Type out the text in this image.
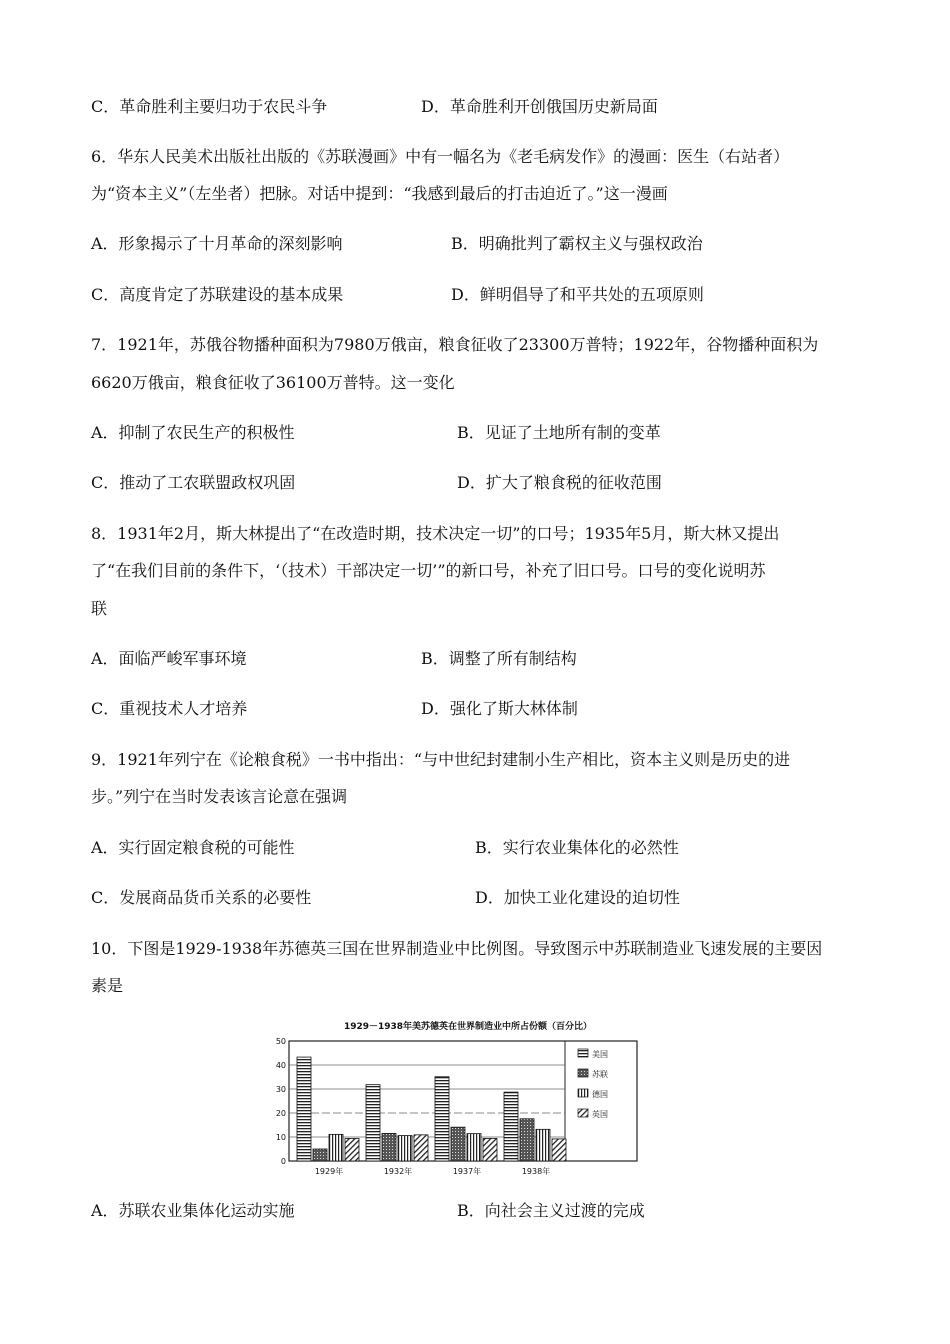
C．革命胜利主要归功于农民斗争	D．革命胜利开创俄国历史新局面
6．华东人民美术出版社出版的《苏联漫画》中有一幅名为《老毛病发作》的漫画：医生（右站者）
为“资本主义”（左坐者）把脉。对话中提到：“我感到最后的打击迫近了。”这一漫画
A．形象揭示了十月革命的深刻影响	B．明确批判了霸权主义与强权政治
C．高度肯定了苏联建设的基本成果	D．鲜明倡导了和平共处的五项原则
7．1921年，苏俄谷物播种面积为7980万俄亩，粮食征收了23300万普特；1922年，谷物播种面积为
6620万俄亩，粮食征收了36100万普特。这一变化
A．抑制了农民生产的积极性	B．见证了土地所有制的变革
C．推动了工农联盟政权巩固	D．扩大了粮食税的征收范围
8．1931年2月，斯大林提出了“在改造时期，技术决定一切”的口号；1935年5月，斯大林又提出
了“在我们目前的条件下，‘（技术）干部决定一切’”的新口号，补充了旧口号。口号的变化说明苏
联
A．面临严峻军事环境	B．调整了所有制结构
C．重视技术人才培养	D．强化了斯大林体制
9．1921年列宁在《论粮食税》一书中指出：“与中世纪封建制小生产相比，资本主义则是历史的进
步。”列宁在当时发表该言论意在强调
A．实行固定粮食税的可能性	B．实行农业集体化的必然性
C．发展商品货币关系的必要性	D．加快工业化建设的迫切性
10．下图是1929-1938年苏德英三国在世界制造业中比例图。导致图示中苏联制造业飞速发展的主要因
素是
1929－1938年美苏德英在世界制造业中所占份额（百分比）
0
10
20
30
40
50
1929年	1932年	1937年	1938年
美国
苏联
德国
英国
A．苏联农业集体化运动实施	B．向社会主义过渡的完成
